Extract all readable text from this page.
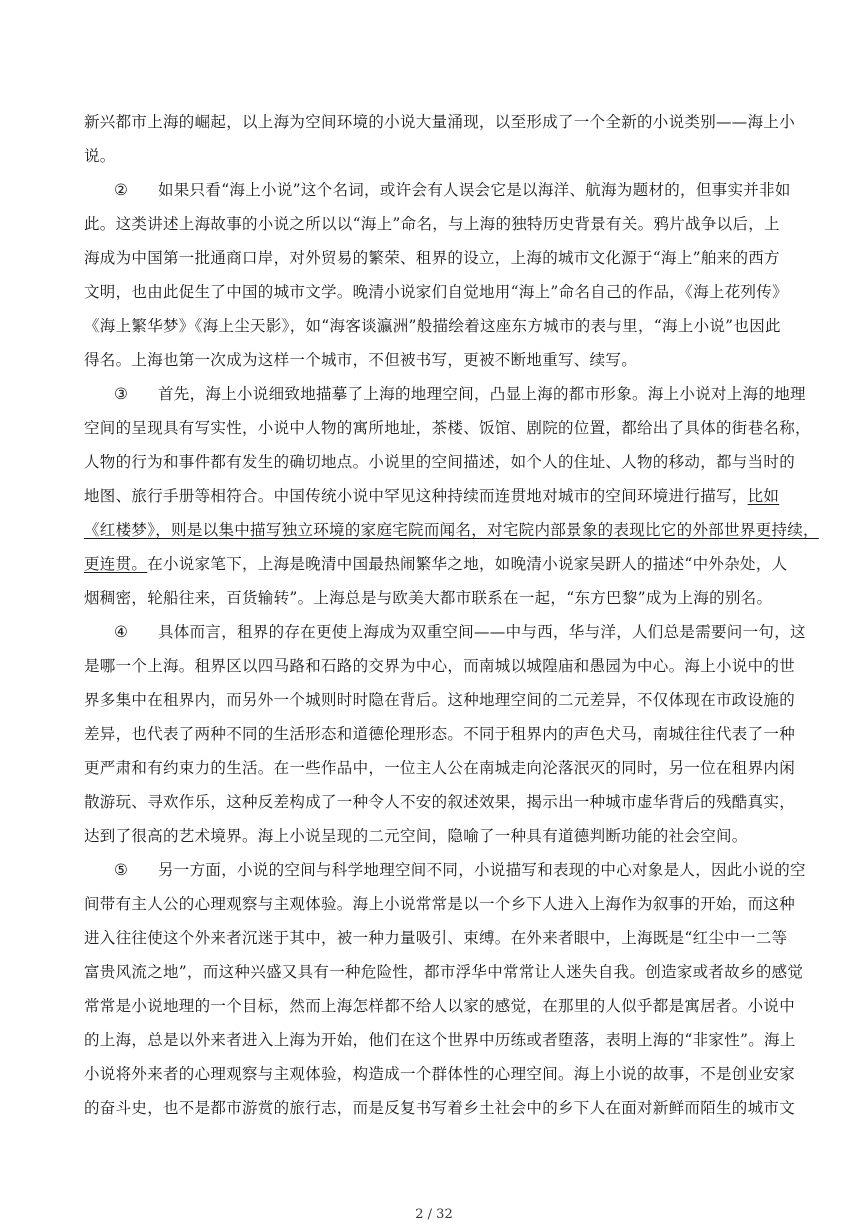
新兴都市上海的崛起，以上海为空间环境的小说大量涌现，以至形成了一个全新的小说类别——海上小
说。
② 如果只看“海上小说”这个名词，或许会有人误会它是以海洋、航海为题材的，但事实并非如
此。这类讲述上海故事的小说之所以以“海上”命名，与上海的独特历史背景有关。鸦片战争以后，上
海成为中国第一批通商口岸，对外贸易的繁荣、租界的设立，上海的城市文化源于“海上”舶来的西方
文明，也由此促生了中国的城市文学。晚清小说家们自觉地用“海上”命名自己的作品，《海上花列传》
《海上繁华梦》《海上尘天影》，如“海客谈瀛洲”般描绘着这座东方城市的表与里，“海上小说”也因此
得名。上海也第一次成为这样一个城市，不但被书写，更被不断地重写、续写。
③ 首先，海上小说细致地描摹了上海的地理空间，凸显上海的都市形象。海上小说对上海的地理
空间的呈现具有写实性，小说中人物的寓所地址，茶楼、饭馆、剧院的位置，都给出了具体的街巷名称，
人物的行为和事件都有发生的确切地点。小说里的空间描述，如个人的住址、人物的移动，都与当时的
地图、旅行手册等相符合。中国传统小说中罕见这种持续而连贯地对城市的空间环境进行描写，比如
《红楼梦》，则是以集中描写独立环境的家庭宅院而闻名，对宅院内部景象的表现比它的外部世界更持续，
更连贯。在小说家笔下，上海是晚清中国最热闹繁华之地，如晚清小说家吴趼人的描述“中外杂处，人
烟稠密，轮船往来，百货输转”。上海总是与欧美大都市联系在一起，“东方巴黎”成为上海的别名。
④ 具体而言，租界的存在更使上海成为双重空间——中与西，华与洋，人们总是需要问一句，这
是哪一个上海。租界区以四马路和石路的交界为中心，而南城以城隍庙和愚园为中心。海上小说中的世
界多集中在租界内，而另外一个城则时时隐在背后。这种地理空间的二元差异，不仅体现在市政设施的
差异，也代表了两种不同的生活形态和道德伦理形态。不同于租界内的声色犬马，南城往往代表了一种
更严肃和有约束力的生活。在一些作品中，一位主人公在南城走向沦落泯灭的同时，另一位在租界内闲
散游玩、寻欢作乐，这种反差构成了一种令人不安的叙述效果，揭示出一种城市虚华背后的残酷真实，
达到了很高的艺术境界。海上小说呈现的二元空间，隐喻了一种具有道德判断功能的社会空间。
⑤ 另一方面，小说的空间与科学地理空间不同，小说描写和表现的中心对象是人，因此小说的空
间带有主人公的心理观察与主观体验。海上小说常常是以一个乡下人进入上海作为叙事的开始，而这种
进入往往使这个外来者沉迷于其中，被一种力量吸引、束缚。在外来者眼中，上海既是“红尘中一二等
富贵风流之地”，而这种兴盛又具有一种危险性，都市浮华中常常让人迷失自我。创造家或者故乡的感觉
常常是小说地理的一个目标，然而上海怎样都不给人以家的感觉，在那里的人似乎都是寓居者。小说中
的上海，总是以外来者进入上海为开始，他们在这个世界中历练或者堕落，表明上海的“非家性”。海上
小说将外来者的心理观察与主观体验，构造成一个群体性的心理空间。海上小说的故事，不是创业安家
的奋斗史，也不是都市游赏的旅行志，而是反复书写着乡土社会中的乡下人在面对新鲜而陌生的城市文
2 / 32
